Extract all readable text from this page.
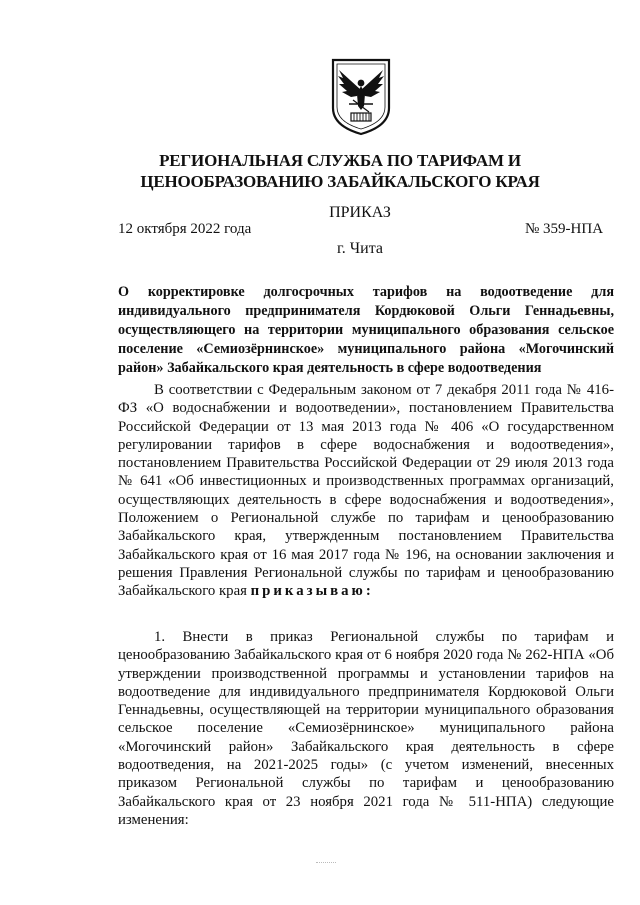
РЕГИОНАЛЬНАЯ СЛУЖБА ПО ТАРИФАМ И
ЦЕНООБРАЗОВАНИЮ ЗАБАЙКАЛЬСКОГО КРАЯ
ПРИКАЗ
12 октября 2022 года	№ 359-НПА
г. Чита
О корректировке долгосрочных тарифов на водоотведение для индивидуального предпринимателя Кордюковой Ольги Геннадьевны, осуществляющего на территории муниципального образования сельское поселение «Семиозёрнинское» муниципального района «Могочинский район» Забайкальского края деятельность в сфере водоотведения
В соответствии с Федеральным законом от 7 декабря 2011 года № 416-ФЗ «О водоснабжении и водоотведении», постановлением Правительства Российской Федерации от 13 мая 2013 года № 406 «О государственном регулировании тарифов в сфере водоснабжения и водоотведения», постановлением Правительства Российской Федерации от 29 июля 2013 года № 641 «Об инвестиционных и производственных программах организаций, осуществляющих деятельность в сфере водоснабжения и водоотведения», Положением о Региональной службе по тарифам и ценообразованию Забайкальского края, утвержденным постановлением Правительства Забайкальского края от 16 мая 2017 года № 196, на основании заключения и решения Правления Региональной службы по тарифам и ценообразованию Забайкальского края приказываю:
1. Внести в приказ Региональной службы по тарифам и ценообразованию Забайкальского края от 6 ноября 2020 года № 262-НПА «Об утверждении производственной программы и установлении тарифов на водоотведение для индивидуального предпринимателя Кордюковой Ольги Геннадьевны, осуществляющей на территории муниципального образования сельское поселение «Семиозёрнинское» муниципального района «Могочинский район» Забайкальского края деятельность в сфере водоотведения, на 2021-2025 годы» (с учетом изменений, внесенных приказом Региональной службы по тарифам и ценообразованию Забайкальского края от 23 ноября 2021 года № 511-НПА) следующие изменения:
